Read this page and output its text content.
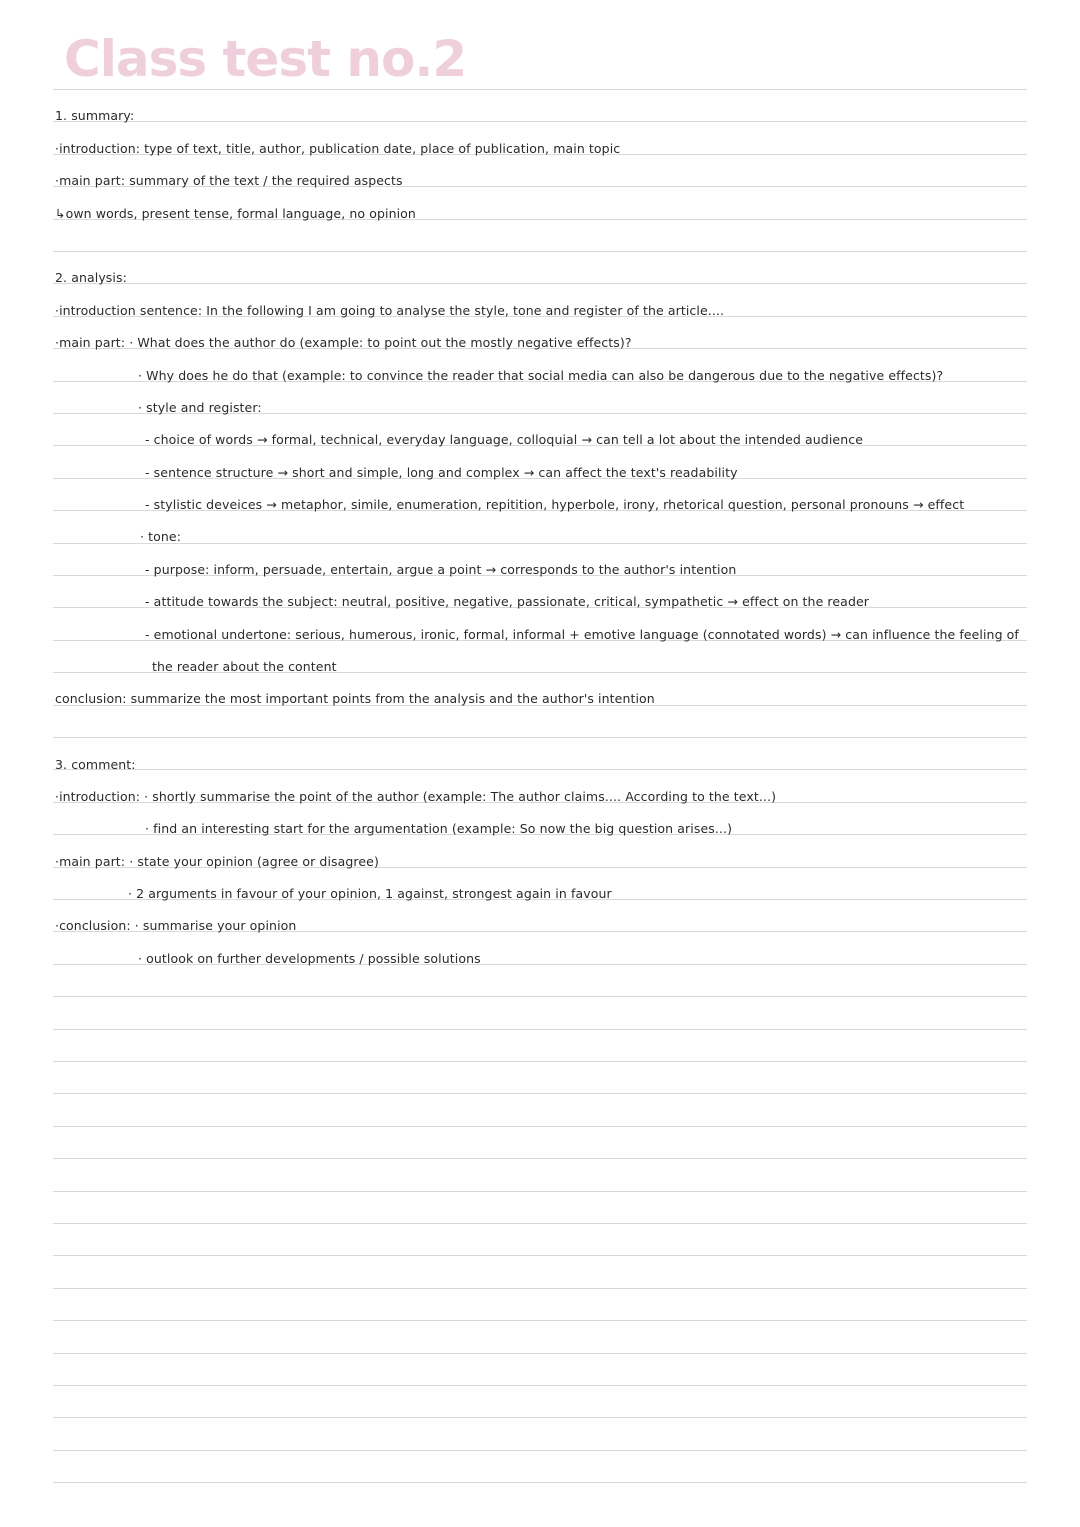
Class test no.2
1. summary:
·introduction: type of text, title, author, publication date, place of publication, main topic
·main part: summary of the text / the required aspects
↳own words, present tense, formal language, no opinion
2. analysis:
·introduction sentence: In the following I am going to analyse the style, tone and register of the article....
·main part: · What does the author do (example: to point out the mostly negative effects)?
· Why does he do that (example: to convince the reader that social media can also be dangerous due to the negative effects)?
· style and register:
- choice of words → formal, technical, everyday language, colloquial → can tell a lot about the intended audience
- sentence structure → short and simple, long and complex → can affect the text's readability
- stylistic deveices → metaphor, simile, enumeration, repitition, hyperbole, irony, rhetorical question, personal pronouns → effect
· tone:
- purpose: inform, persuade, entertain, argue a point → corresponds to the author's intention
- attitude towards the subject: neutral, positive, negative, passionate, critical, sympathetic → effect on the reader
- emotional undertone: serious, humerous, ironic, formal, informal + emotive language (connotated words) → can influence the feeling of
the reader about the content
conclusion: summarize the most important points from the analysis and the author's intention
3. comment:
·introduction: · shortly summarise the point of the author (example: The author claims.... According to the text...)
· find an interesting start for the argumentation (example: So now the big question arises...)
·main part: · state your opinion (agree or disagree)
· 2 arguments in favour of your opinion, 1 against, strongest again in favour
·conclusion: · summarise your opinion
· outlook on further developments / possible solutions
